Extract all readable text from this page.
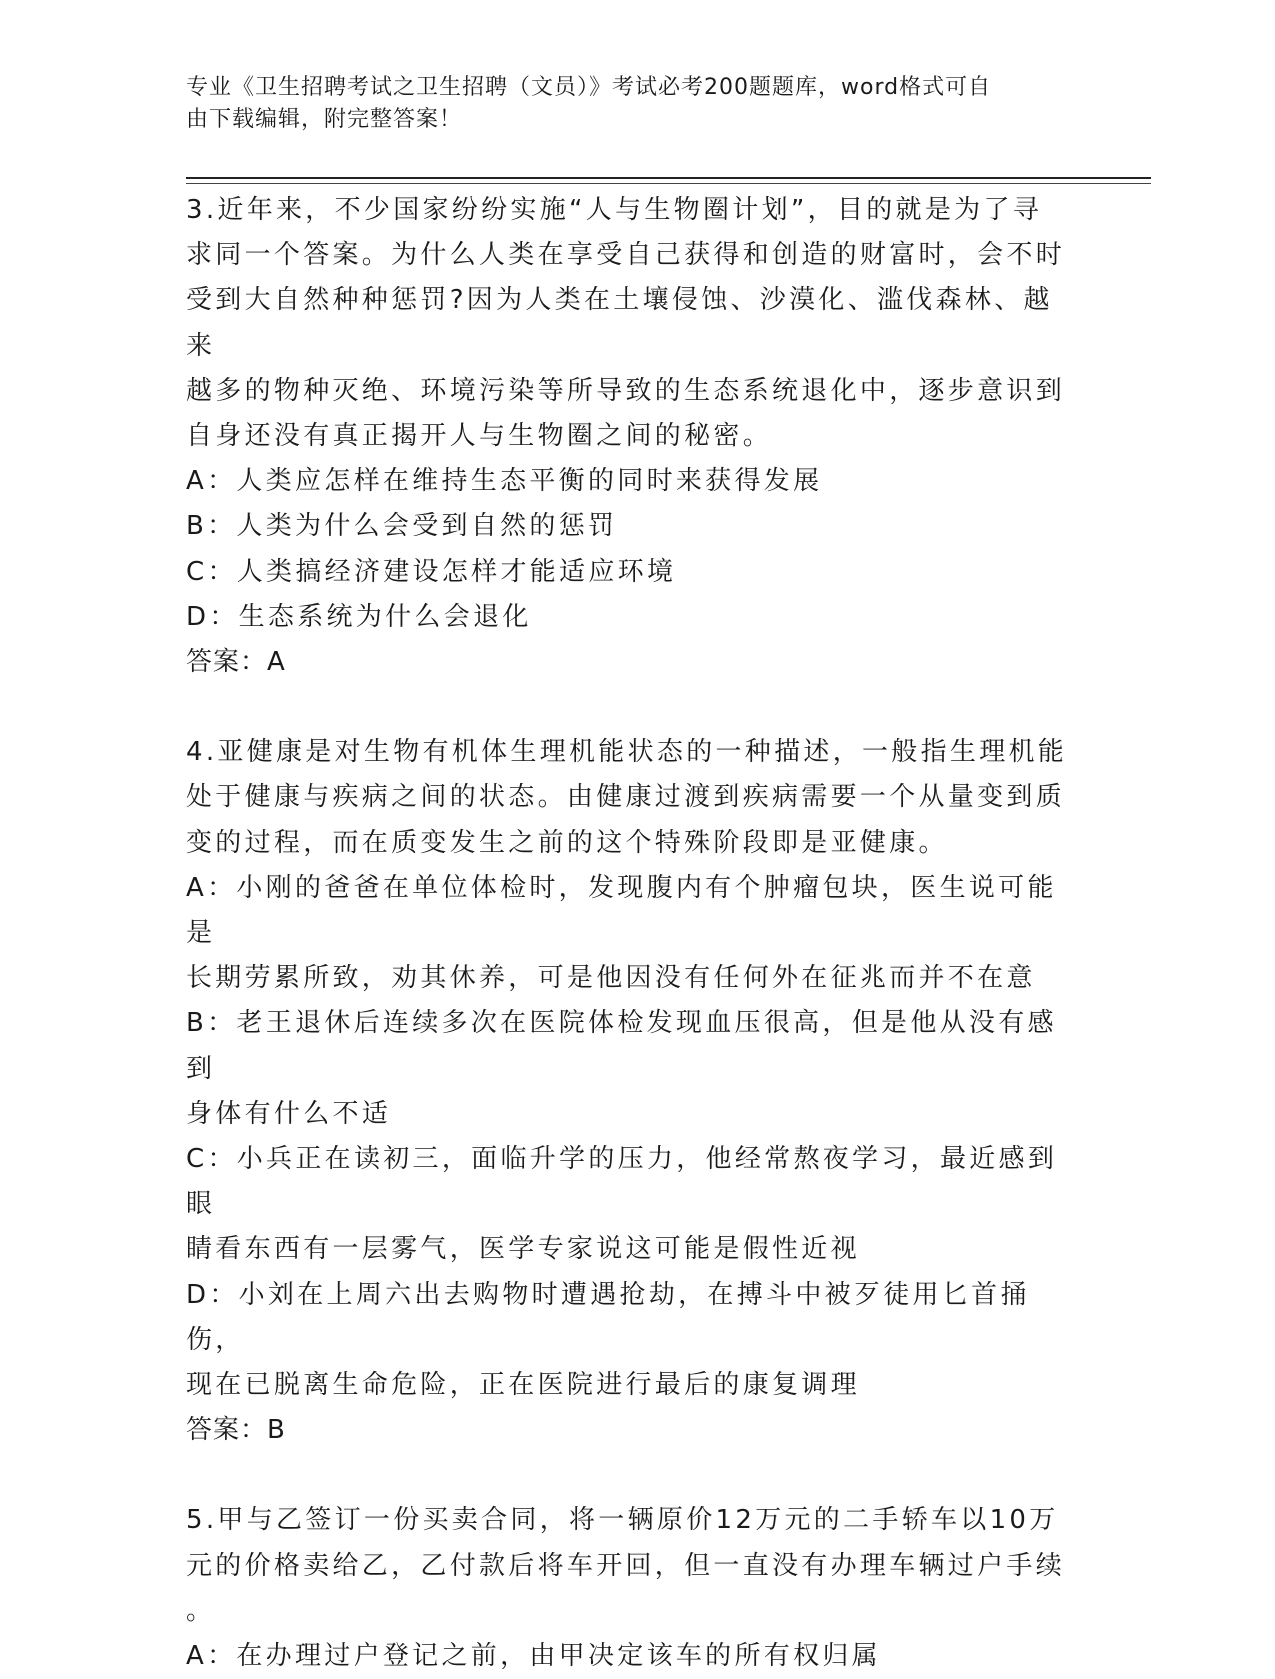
专业《卫生招聘考试之卫生招聘（文员）》考试必考200题题库，word格式可自
由下载编辑，附完整答案！

3.近年来，不少国家纷纷实施“人与生物圈计划”，目的就是为了寻

求同一个答案。为什么人类在享受自己获得和创造的财富时，会不时

受到大自然种种惩罚?因为人类在土壤侵蚀、沙漠化、滥伐森林、越来

越多的物种灭绝、环境污染等所导致的生态系统退化中，逐步意识到

自身还没有真正揭开人与生物圈之间的秘密。

A：人类应怎样在维持生态平衡的同时来获得发展

B：人类为什么会受到自然的惩罚

C：人类搞经济建设怎样才能适应环境

D：生态系统为什么会退化

答案：A

4.亚健康是对生物有机体生理机能状态的一种描述，一般指生理机能

处于健康与疾病之间的状态。由健康过渡到疾病需要一个从量变到质

变的过程，而在质变发生之前的这个特殊阶段即是亚健康。

A：小刚的爸爸在单位体检时，发现腹内有个肿瘤包块，医生说可能是

长期劳累所致，劝其休养，可是他因没有任何外在征兆而并不在意

B：老王退休后连续多次在医院体检发现血压很高，但是他从没有感到

身体有什么不适

C：小兵正在读初三，面临升学的压力，他经常熬夜学习，最近感到眼

睛看东西有一层雾气，医学专家说这可能是假性近视

D：小刘在上周六出去购物时遭遇抢劫，在搏斗中被歹徒用匕首捅伤，

现在已脱离生命危险，正在医院进行最后的康复调理

答案：B

5.甲与乙签订一份买卖合同，将一辆原价12万元的二手轿车以10万

元的价格卖给乙，乙付款后将车开回，但一直没有办理车辆过户手续

。

A：在办理过户登记之前，由甲决定该车的所有权归属
